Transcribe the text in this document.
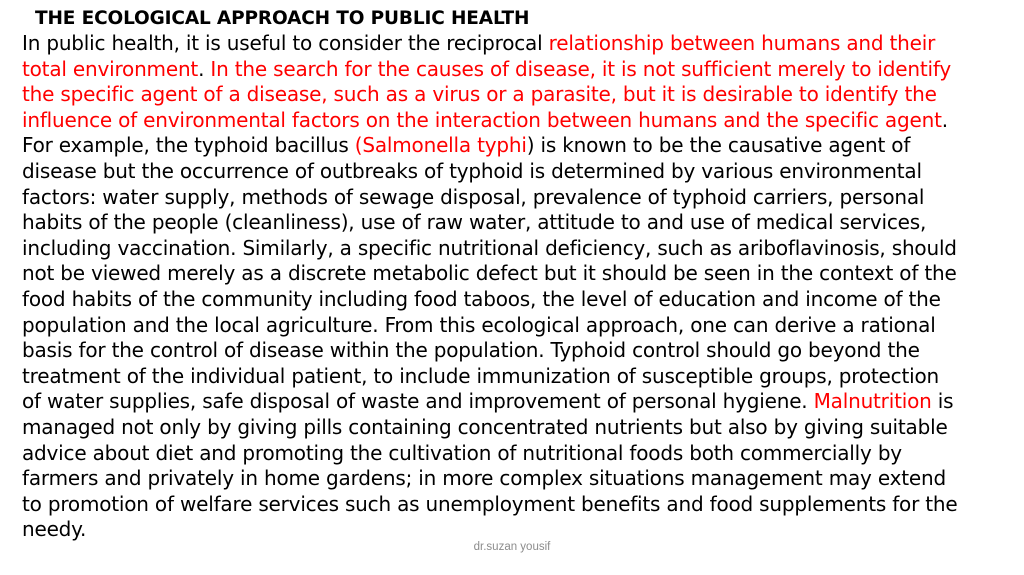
THE ECOLOGICAL APPROACH TO PUBLIC HEALTH
In public health, it is useful to consider the reciprocal relationship between humans and their
total environment. In the search for the causes of disease, it is not sufficient merely to identify
the specific agent of a disease, such as a virus or a parasite, but it is desirable to identify the
influence of environmental factors on the interaction between humans and the specific agent.
For example, the typhoid bacillus (Salmonella typhi) is known to be the causative agent of
disease but the occurrence of outbreaks of typhoid is determined by various environmental
factors: water supply, methods of sewage disposal, prevalence of typhoid carriers, personal
habits of the people (cleanliness), use of raw water, attitude to and use of medical services,
including vaccination. Similarly, a specific nutritional deficiency, such as ariboflavinosis, should
not be viewed merely as a discrete metabolic defect but it should be seen in the context of the
food habits of the community including food taboos, the level of education and income of the
population and the local agriculture. From this ecological approach, one can derive a rational
basis for the control of disease within the population. Typhoid control should go beyond the
treatment of the individual patient, to include immunization of susceptible groups, protection
of water supplies, safe disposal of waste and improvement of personal hygiene. Malnutrition is
managed not only by giving pills containing concentrated nutrients but also by giving suitable
advice about diet and promoting the cultivation of nutritional foods both commercially by
farmers and privately in home gardens; in more complex situations management may extend
to promotion of welfare services such as unemployment benefits and food supplements for the
needy.
dr.suzan yousif
